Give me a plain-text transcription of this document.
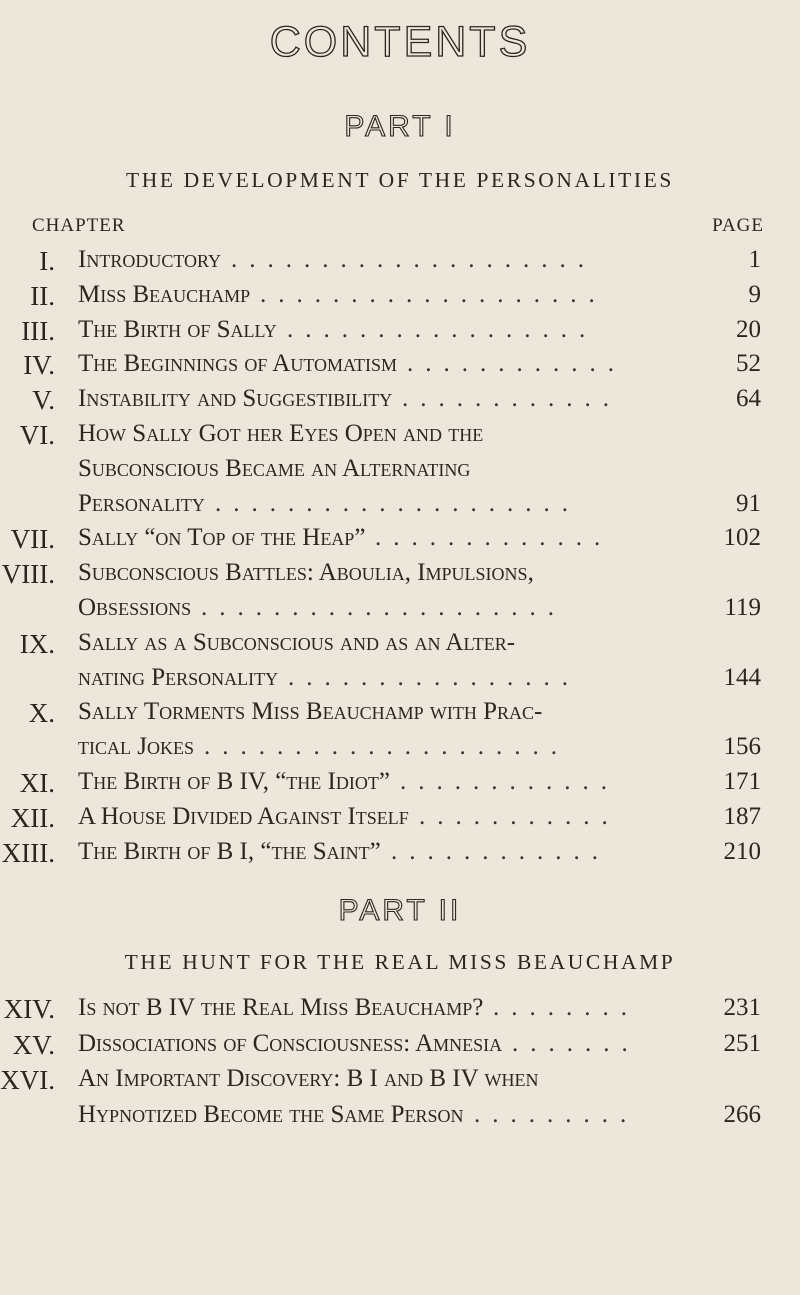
CONTENTS
PART I
THE DEVELOPMENT OF THE PERSONALITIES
CHAPTER	PAGE
I. Introductory	1
....................
II. Miss Beauchamp	9
...................
III. The Birth of Sally	20
.................
IV. The Beginnings of Automatism	52
............
V. Instability and Suggestibility	64
............
VI. How Sally Got her Eyes Open and the
Subconscious Became an Alternating
Personality	91
....................
VII. Sally “on Top of the Heap”	102
.............
VIII. Subconscious Battles: Aboulia, Impulsions,
Obsessions	119
....................
IX. Sally as a Subconscious and as an Alter-
nating Personality	144
................
X. Sally Torments Miss Beauchamp with Prac-
tical Jokes	156
....................
XI. The Birth of B IV, “the Idiot”	171
............
XII. A House Divided Against Itself	187
...........
XIII. The Birth of B I, “the Saint”	210
............
PART II
THE HUNT FOR THE REAL MISS BEAUCHAMP
XIV. Is not B IV the Real Miss Beauchamp?	231
........
XV. Dissociations of Consciousness: Amnesia	251
.......
XVI. An Important Discovery: B I and B IV when
Hypnotized Become the Same Person	266
.........
